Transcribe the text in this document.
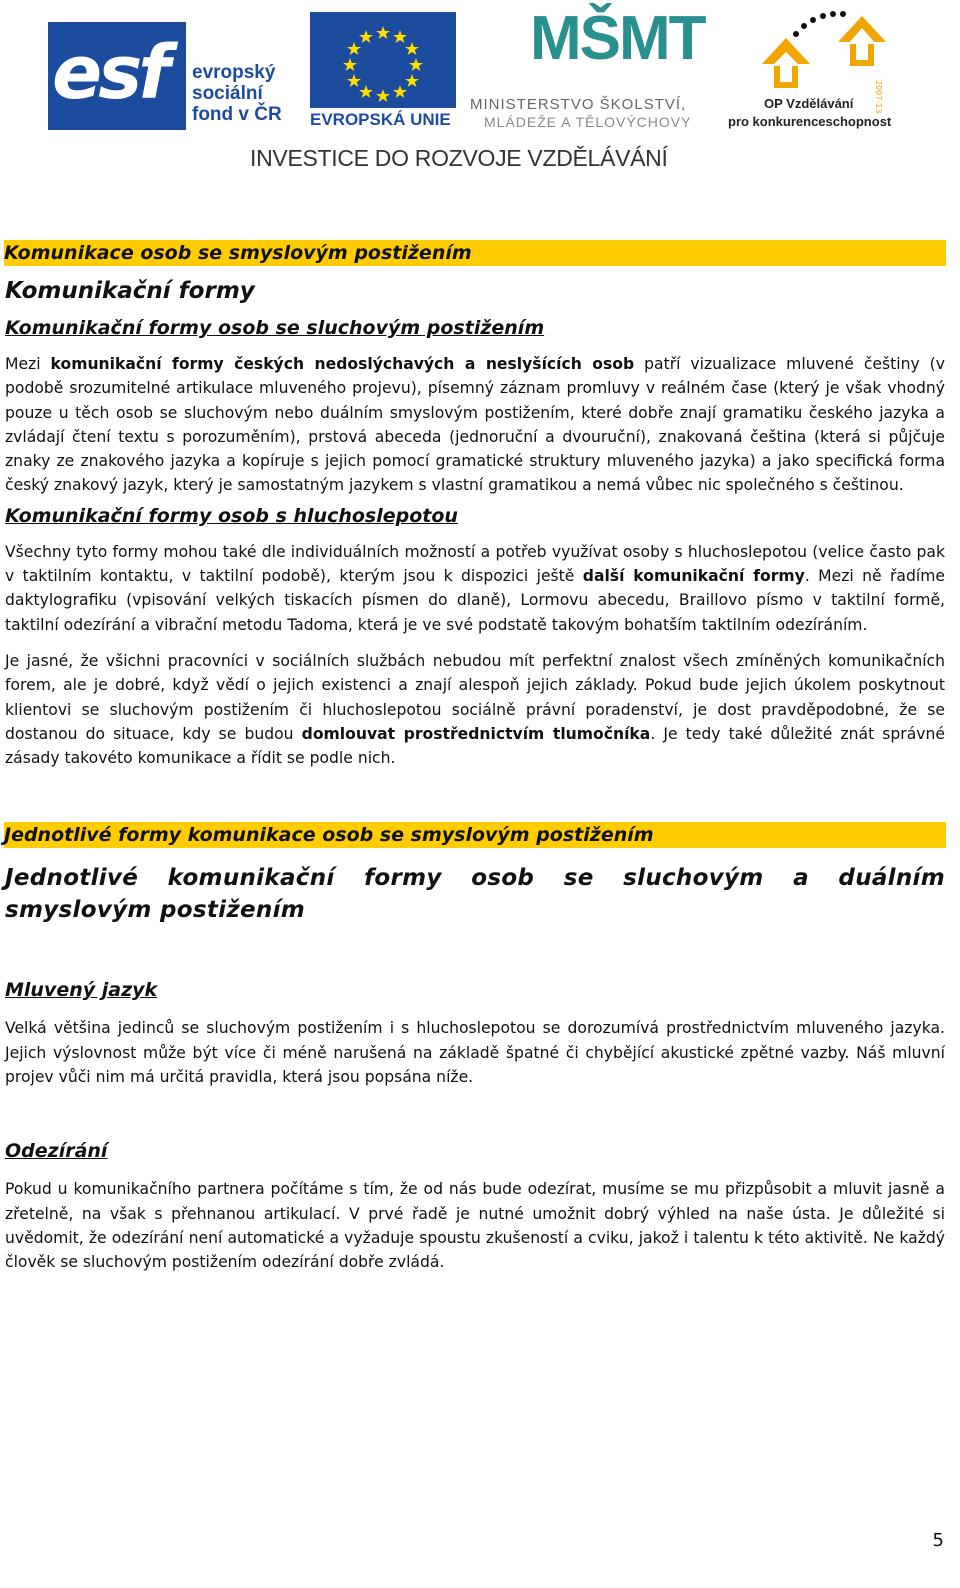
esf evropský
sociální
fond v ČR EVROPSKÁ UNIE
MŠMT
MINISTERSTVO ŠKOLSTVÍ,
MLÁDEŽE A TĚLOVÝCHOVY
2007-13
OP Vzdělávání
pro konkurenceschopnost
INVESTICE DO ROZVOJE VZDĚLÁVÁNÍ
Komunikace osob se smyslovým postižením
Komunikační formy
Komunikační formy osob se sluchovým postižením

Mezi komunikační formy českých nedoslýchavých a neslyšících osob patří vizualizace mluvené češtiny (v podobě srozumitelné artikulace mluveného projevu), písemný záznam promluvy v reálném čase (který je však vhodný pouze u těch osob se sluchovým nebo duálním smyslovým postižením, které dobře znají gramatiku českého jazyka a zvládají čtení textu s porozuměním), prstová abeceda (jednoruční a dvouruční), znakovaná čeština (která si půjčuje znaky ze znakového jazyka a kopíruje s jejich pomocí gramatické struktury mluveného jazyka) a jako specifická forma český znakový jazyk, který je samostatným jazykem s vlastní gramatikou a nemá vůbec nic společného s češtinou.

Komunikační formy osob s hluchoslepotou

Všechny tyto formy mohou také dle individuálních možností a potřeb využívat osoby s hluchoslepotou (velice často pak v taktilním kontaktu, v taktilní podobě), kterým jsou k dispozici ještě další komunikační formy. Mezi ně řadíme daktylografiku (vpisování velkých tiskacích písmen do dlaně), Lormovu abecedu, Braillovo písmo v taktilní formě, taktilní odezírání a vibrační metodu Tadoma, která je ve své podstatě takovým bohatším taktilním odezíráním.

Je jasné, že všichni pracovníci v sociálních službách nebudou mít perfektní znalost všech zmíněných komunikačních forem, ale je dobré, když vědí o jejich existenci a znají alespoň jejich základy. Pokud bude jejich úkolem poskytnout klientovi se sluchovým postižením či hluchoslepotou sociálně právní poradenství, je dost pravděpodobné, že se dostanou do situace, kdy se budou domlouvat prostřednictvím tlumočníka. Je tedy také důležité znát správné zásady takovéto komunikace a řídit se podle nich.

Jednotlivé formy komunikace osob se smyslovým postižením
Jednotlivé komunikační formy osob se sluchovým a duálním smyslovým postižením
Mluvený jazyk

Velká většina jedinců se sluchovým postižením i s hluchoslepotou se dorozumívá prostřednictvím mluveného jazyka. Jejich výslovnost může být více či méně narušená na základě špatné či chybějící akustické zpětné vazby. Náš mluvní projev vůči nim má určitá pravidla, která jsou popsána níže.

Odezírání

Pokud u komunikačního partnera počítáme s tím, že od nás bude odezírat, musíme se mu přizpůsobit a mluvit jasně a zřetelně, na však s přehnanou artikulací. V prvé řadě je nutné umožnit dobrý výhled na naše ústa. Je důležité si uvědomit, že odezírání není automatické a vyžaduje spoustu zkušeností a cviku, jakož i talentu k této aktivitě. Ne každý člověk se sluchovým postižením odezírání dobře zvládá.

5
